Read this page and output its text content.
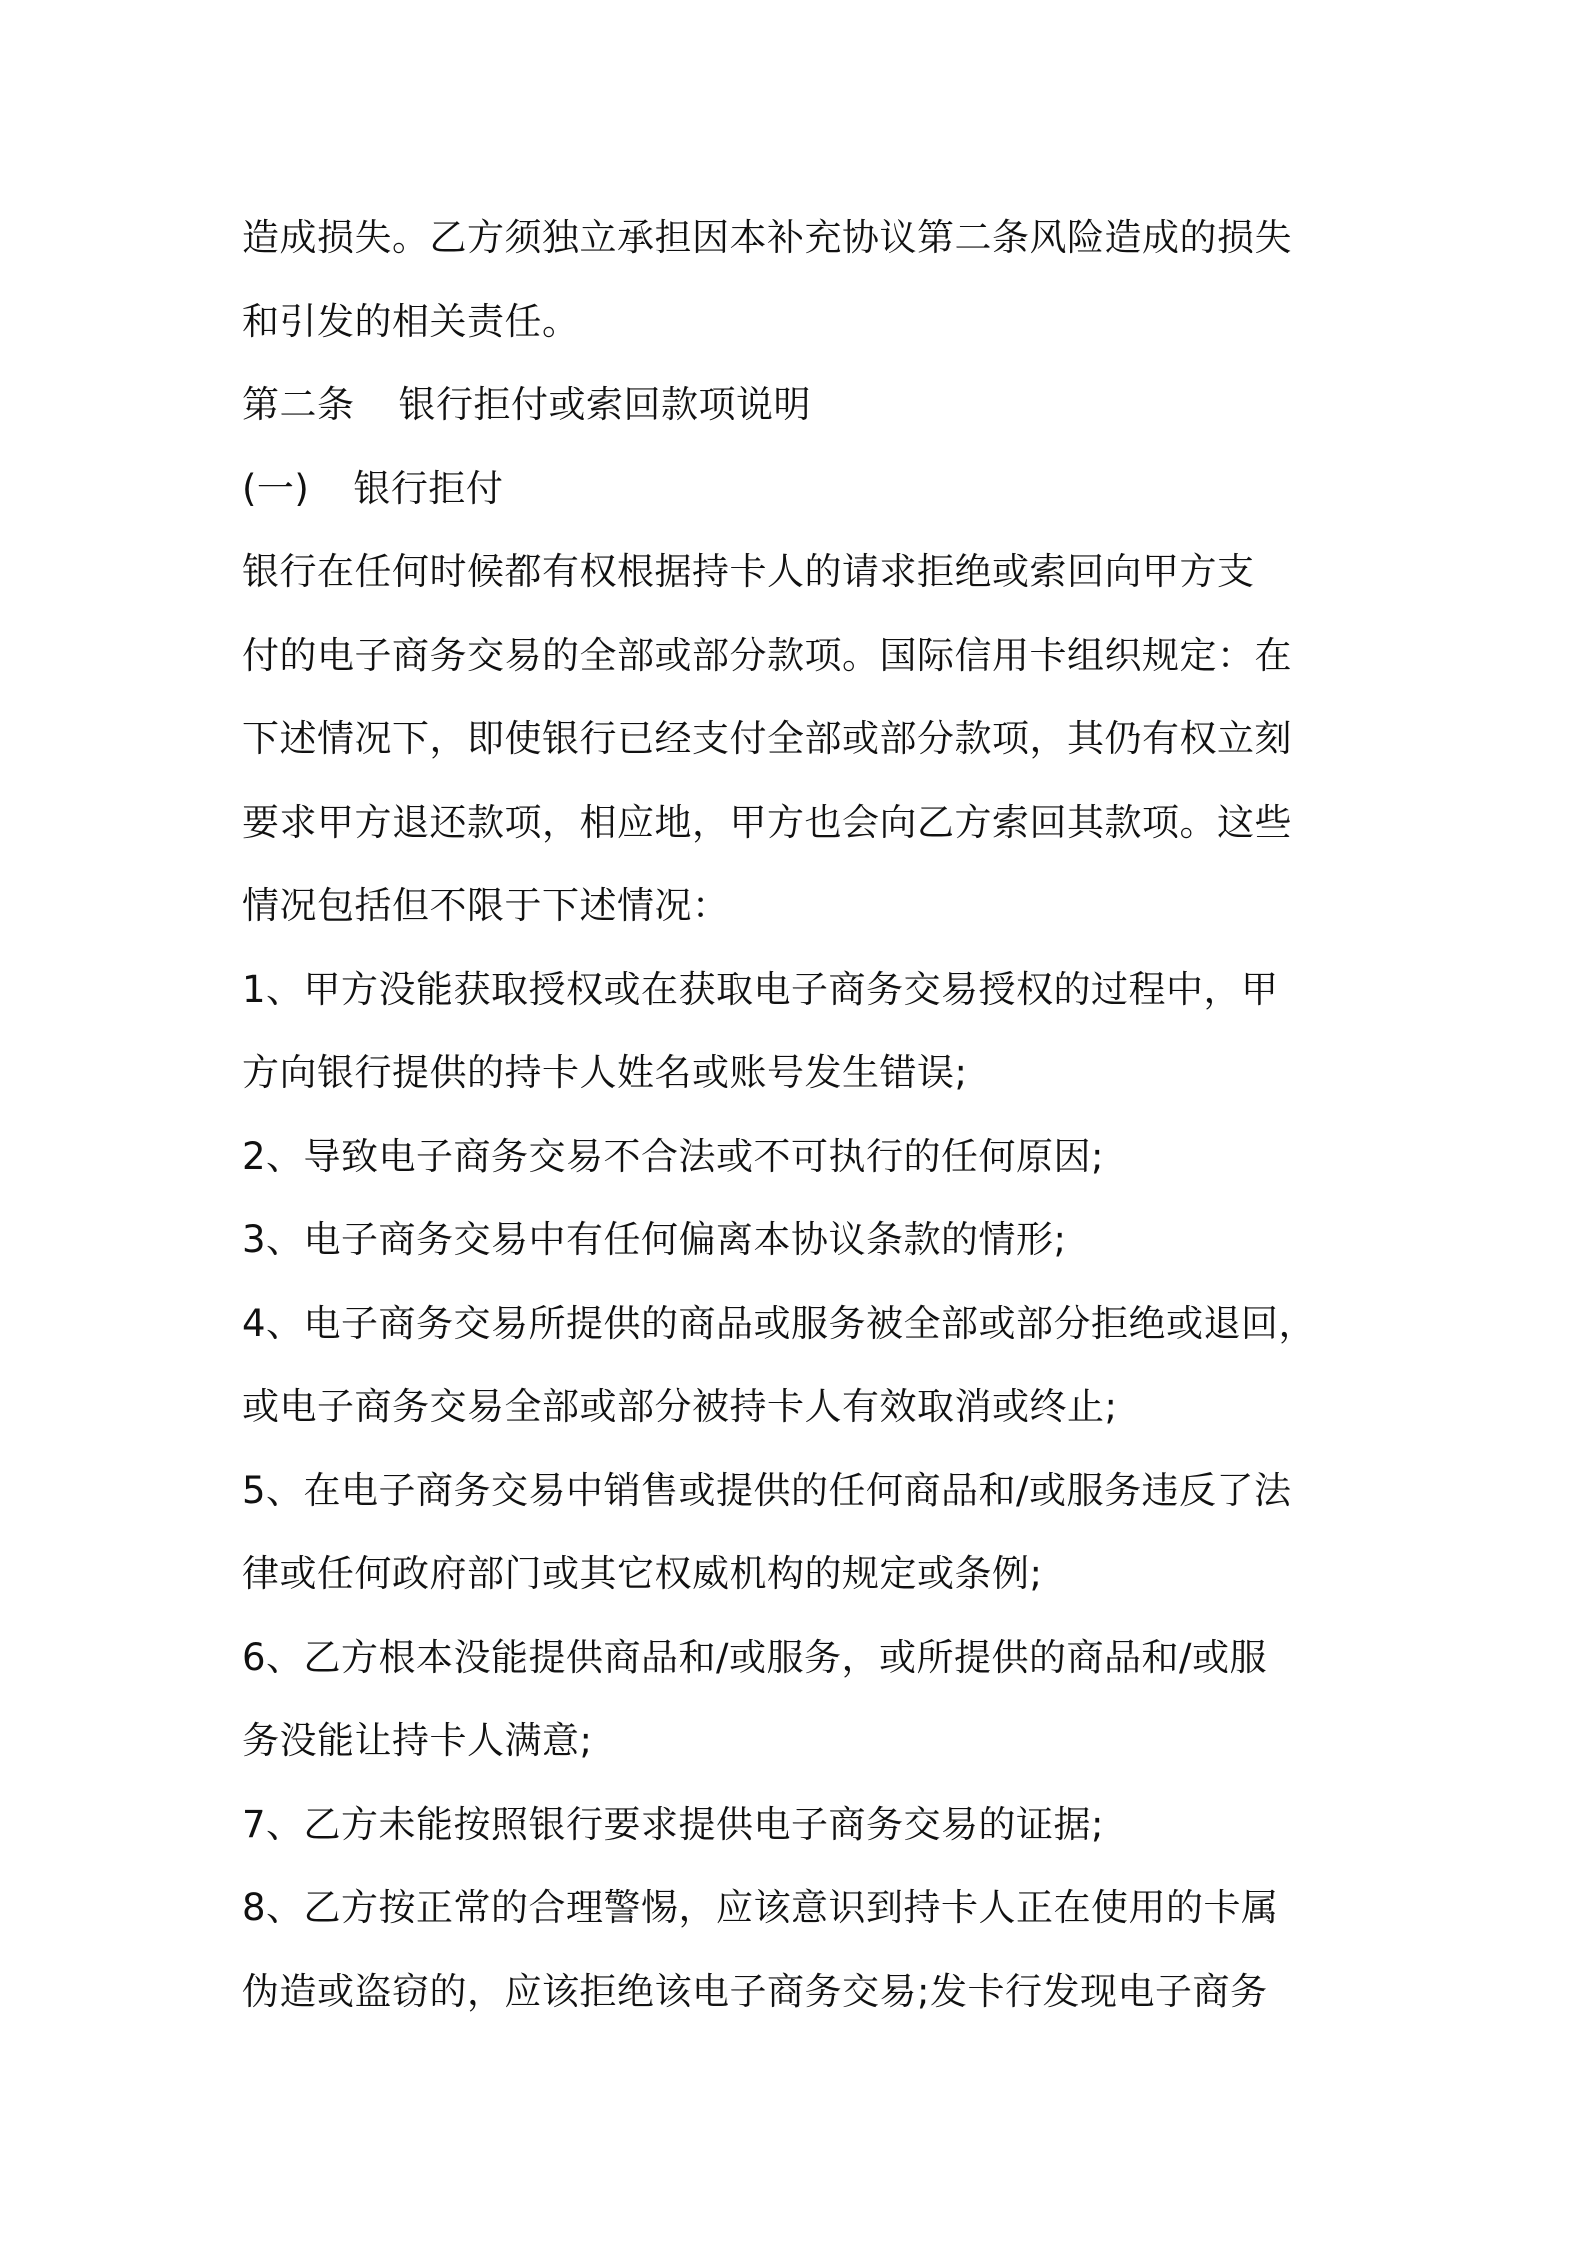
造成损失。乙方须独立承担因本补充协议第二条风险造成的损失
和引发的相关责任。
第二条 银行拒付或索回款项说明
(一) 银行拒付
银行在任何时候都有权根据持卡人的请求拒绝或索回向甲方支
付的电子商务交易的全部或部分款项。国际信用卡组织规定：在
下述情况下，即使银行已经支付全部或部分款项，其仍有权立刻
要求甲方退还款项，相应地，甲方也会向乙方索回其款项。这些
情况包括但不限于下述情况：
1、甲方没能获取授权或在获取电子商务交易授权的过程中，甲
方向银行提供的持卡人姓名或账号发生错误;
2、导致电子商务交易不合法或不可执行的任何原因;
3、电子商务交易中有任何偏离本协议条款的情形;
4、电子商务交易所提供的商品或服务被全部或部分拒绝或退回，
或电子商务交易全部或部分被持卡人有效取消或终止;
5、在电子商务交易中销售或提供的任何商品和/或服务违反了法
律或任何政府部门或其它权威机构的规定或条例;
6、乙方根本没能提供商品和/或服务，或所提供的商品和/或服
务没能让持卡人满意;
7、乙方未能按照银行要求提供电子商务交易的证据;
8、乙方按正常的合理警惕，应该意识到持卡人正在使用的卡属
伪造或盗窃的，应该拒绝该电子商务交易;发卡行发现电子商务
